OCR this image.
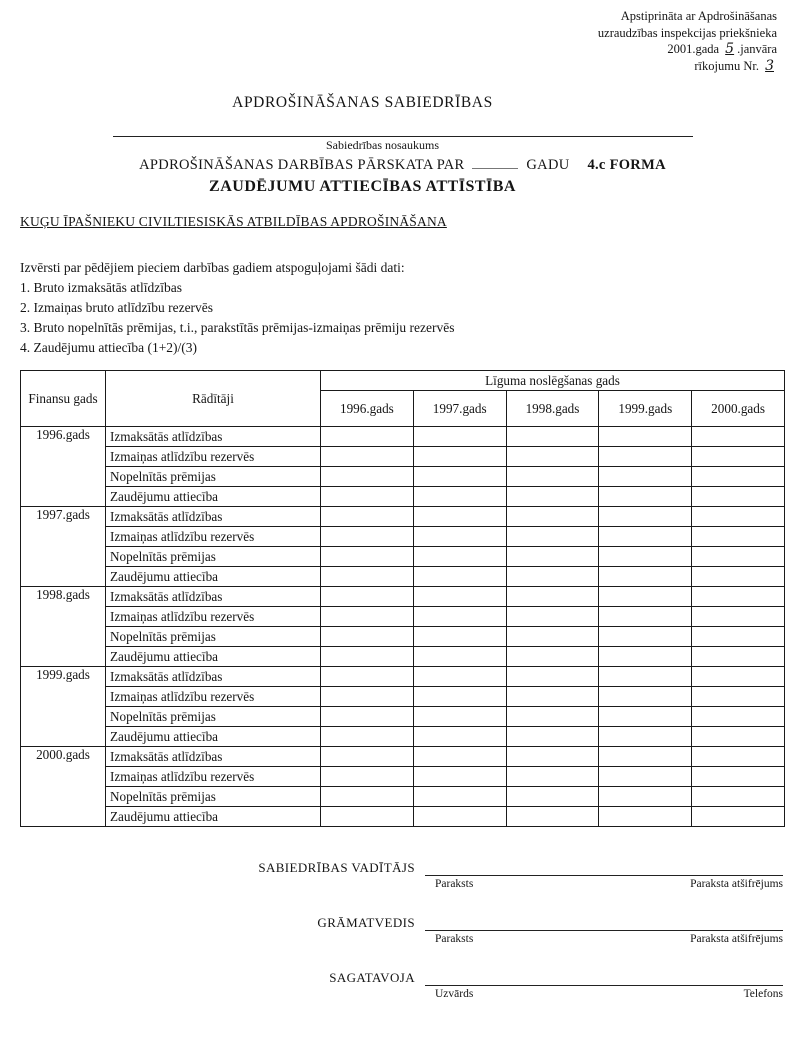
Apstiprināta ar Apdrošināšanas
uzraudzības inspekcijas priekšnieka
2001.gada 5 .janvāra
rīkojumu Nr. 3
APDROŠINĀŠANAS SABIEDRĪBAS
Sabiedrības nosaukums
APDROŠINĀŠANAS DARBĪBAS PĀRSKATA PAR	GADU 4.c FORMA
ZAUDĒJUMU ATTIECĪBAS ATTĪSTĪBA
KUĢU ĪPAŠNIEKU CIVILTIESISKĀS ATBILDĪBAS APDROŠINĀŠANA
Izvērsti par pēdējiem pieciem darbības gadiem atspoguļojami šādi dati:
1. Bruto izmaksātās atlīdzības
2. Izmaiņas bruto atlīdzību rezervēs
3. Bruto nopelnītās prēmijas, t.i., parakstītās prēmijas-izmaiņas prēmiju rezervēs
4. Zaudējumu attiecība (1+2)/(3)
Finansu gads	Rādītāji	Līguma noslēgšanas gads				
		1996.gads	1997.gads	1998.gads	1999.gads	2000.gads
1996.gads	Izmaksātās atlīdzības					
	Izmaiņas atlīdzību rezervēs					
	Nopelnītās prēmijas					
	Zaudējumu attiecība					
1997.gads	Izmaksātās atlīdzības					
	Izmaiņas atlīdzību rezervēs					
	Nopelnītās prēmijas					
	Zaudējumu attiecība					
1998.gads	Izmaksātās atlīdzības					
	Izmaiņas atlīdzību rezervēs					
	Nopelnītās prēmijas					
	Zaudējumu attiecība					
1999.gads	Izmaksātās atlīdzības					
	Izmaiņas atlīdzību rezervēs					
	Nopelnītās prēmijas					
	Zaudējumu attiecība					
2000.gads	Izmaksātās atlīdzības					
	Izmaiņas atlīdzību rezervēs					
	Nopelnītās prēmijas					
	Zaudējumu attiecība					
SABIEDRĪBAS VADĪTĀJS
Paraksts	Paraksta atšifrējums
GRĀMATVEDIS
Paraksts	Paraksta atšifrējums
SAGATAVOJA
Uzvārds	Telefons
